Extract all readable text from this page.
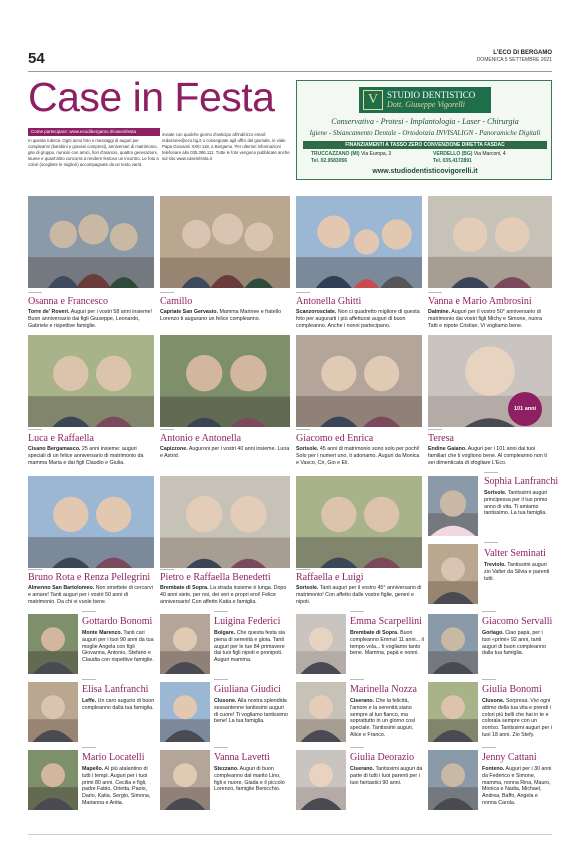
54	L'ECO DI BERGAMO
DOMENICA 5 SETTEMBRE 2021
Case in Festa
Come partecipare: www.ecodibergamo.it/caseinfesta
In questa rubrica. Ogni anno foto e messaggi di auguri per compleanni (bambini e giovani compresi), anniversari di matrimonio, gite di gruppo, riunioni con amici, fiori d'arancio, quattro generazioni, lauree e quant'altro concorra a rendere festoso un incontro. Le foto a colori (scegliete le migliori) accompagnate da un testo varrà
inviate con qualche giorno d'anticipo all'indirizzo email: redazione@eco.bg.it o consegnate agli uffici del giornale, in viale Papa Giovanni XXIII 118, a Bergamo. Per ulteriori informazioni telefonare allo 035.386.111. Tutte le foto vengono pubblicate anche sul sito www.caseinfesta.it
V STUDIO DENTISTICO
Dott. Giuseppe Vigorelli
Conservativa - Protesi - Implantologia - Laser - Chirurgia
Igiene - Sbiancamento Dentale - Ortodonzia INVISALIGN - Panoramiche Digitali
FINANZIAMENTI A TASSO ZERO CONVENZIONE DIRETTA FASDAC
TRUCCAZZANO (MI) Via Europa, 3
Tel. 02.9583056
VERDELLO (BG) Via Marconi, 4
Tel. 035.4172891
www.studiodentisticovigorelli.it
Osanna e Francesco
Torre de' Roveri. Auguri per i vostri 58 anni insieme! Buon anniversario dai figli Giuseppe, Leonardo, Gabriele e rispettive famiglie.
Camillo
Capriate San Gervasio. Mamma Marinee e fratello Lorenzo ti augurano un felice compleanno.
Antonella Ghitti
Scanzorosciate. Non ci quadretto migliore di questa foto per augurarti i più affettuosi auguri di buon compleanno. Anche i nonni partecipano.
Vanna e Mario Ambrosini
Dalmine. Auguri per il vostro 50° anniversario di matrimonio dai vostri figli Michy e Simone, nuora Tatti e nipote Cristian. Vi vogliamo bene.
Luca e Raffaella
Cisano Bergamasco. 25 anni insieme: auguri speciali di un felice anniversario di matrimonio da mamma Maria e dai figli Claudio e Giulia.
Antonio e Antonella
Capizzone. Auguroni per i vostri 40 anni insieme. Luna e Astrid.
Giacomo ed Enrica
Sorisole. 45 anni di matrimonio sono solo per pochi! Solo per i numeri uno, ti adoriamo. Auguri da Monica e Vasco, Cri, Gio e Eli.
Teresa
Endine Gaiano. Auguri per i 101 anni dai tuoi familiari che ti vogliono bene. Al compleanno non ti sei dimenticata di sfogliare L'Eco.
Sophia Lanfranchi
Sorisole. Tantissimi auguri principessa per il tuo primo anno di vita. Ti amiamo tantissimo. La tua famiglia.
Valter Seminati
Treviolo. Tantissimi auguri zio Valter da Silvia e parenti tutti.
Bruno Rota e Renza Pellegrini
Almenno San Bartolomeo. Non smettete di cercarvi e amare! Tanti auguri per i vostri 50 anni di matrimonio. Da chi vi vuole bene.
Pietro e Raffaella Benedetti
Brembate di Sopra. La strada insieme è lunga. Dopo 40 anni siete, per noi, dei veri e propri eroi! Felice anniversario! Con affetto Katia e famiglia.
Raffaella e Luigi
Sorisole. Tanti auguri per il vostro 45° anniversario di matrimonio! Con affetto dalle vostre figlie, generi e nipoti.
Gottardo Bonomi
Monte Marenzo. Tanti cari auguri per i tuoi 90 anni da tua moglie Angela con figli Giovanna, Antonio, Stefano e Claudia con rispettive famiglie.
Luigina Federici
Bolgare. Che questa festa sia piena di serenità e gioia. Tanti auguri per le tue 84 primavere dai tuoi figli nipoti e pronipoti. Auguri mamma.
Emma Scarpellini
Brembate di Sopra. Buon compleanno Emma! 11 anni... il tempo vola... ti vogliamo tanto bene. Mamma, papà e nonni.
Giacomo Servalli
Gorlago. Ciao papà, per i tuoi «primi» 92 anni, tanti auguri di buon compleanno dalla tua famiglia.
Elisa Lanfranchi
Leffe. Un caro augurio di buon compleanno dalla tua famiglia.
Giuliana Giudici
Clusone. Alla nostra splendida sessantenne tantissimi auguri di cuore! Ti vogliamo tantissimo bene! La tua famiglia.
Marinella Nozza
Ciserano. Che la felicità, l'amore e la serenità siano sempre al tuo fianco, ma soprattutto in un giorno così speciale. Tantissimi auguri, Alice e Franco.
Giulia Bonomi
Clusone. Sorpresa. Vivi ogni attimo della tua vita e prendi i colori più belli che hai in te e colorala sempre con un sorriso. Tantissimi auguri per i tuoi 18 anni. Zio Stefy.
Mario Locatelli
Mapello. Al più atalantino di tutti i tempi. Auguri per i tuoi primi 80 anni. Cecilia e figli, padre Fabio, Orietta, Paolo, Dario, Katia, Sergio, Simona, Marianna e Anita.
Vanna Lavetti
Stezzano. Auguri di buon compleanno dal marito Lino, figli e nuore, Giada e il piccolo Lorenzo, famiglie Benicchio.
Giulia Deorazio
Ciserano. Tantissimi auguri da parte di tutti i tuoi parenti per i tuoi fantastici 90 anni.
Jenny Cattani
Fonteno. Auguri per i 30 anni da Federico e Simone, mamma, nonna Rina, Mauro, Monica e Nadia, Michael, Andrea, Baffo, Angela e nonna Carola.
101 anni
